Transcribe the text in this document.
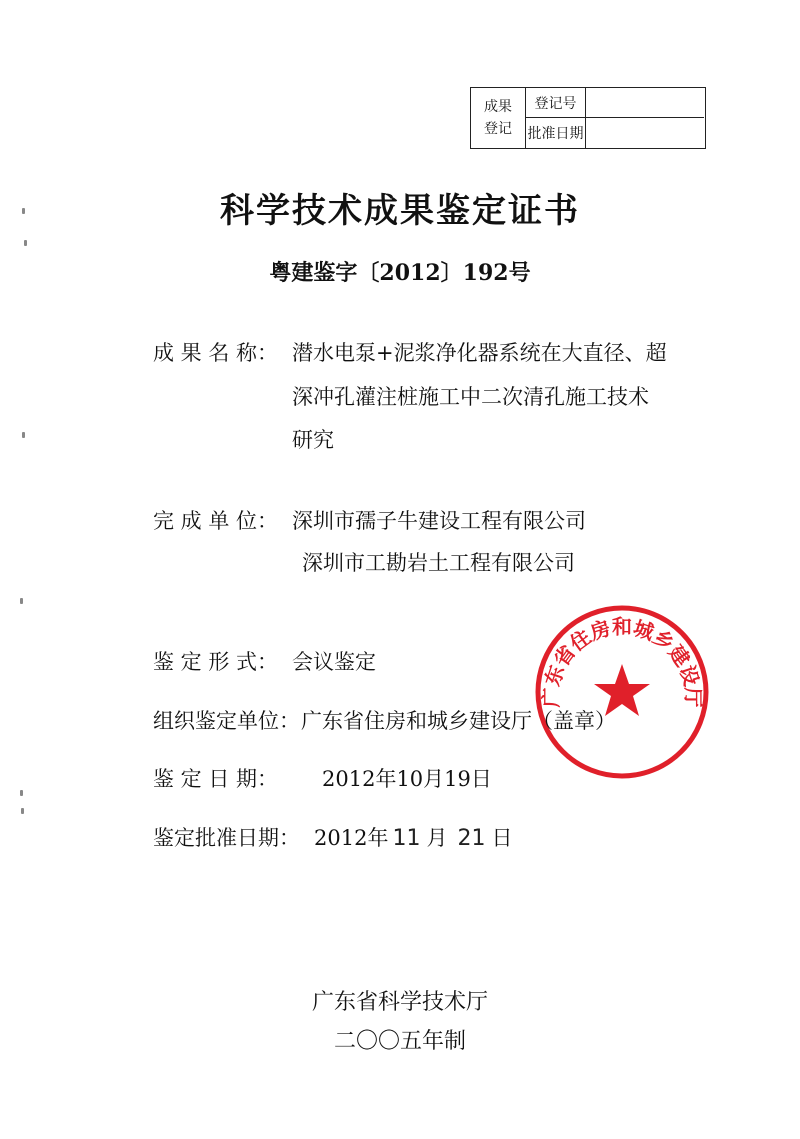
成果
登记
登记号
批准日期
科学技术成果鉴定证书
粤建鉴字〔2012〕192号
成 果 名 称： 潜水电泵+泥浆净化器系统在大直径、超
深冲孔灌注桩施工中二次清孔施工技术
研究
完 成 单 位： 深圳市孺子牛建设工程有限公司
深圳市工勘岩土工程有限公司
广东省住房和城乡建设厅
鉴 定 形 式： 会议鉴定
组织鉴定单位： 广东省住房和城乡建设厅（盖章）
鉴 定 日 期： 2012年10月19日
鉴定批准日期： 2012年 11 月 21 日
广东省科学技术厅
二〇〇五年制
